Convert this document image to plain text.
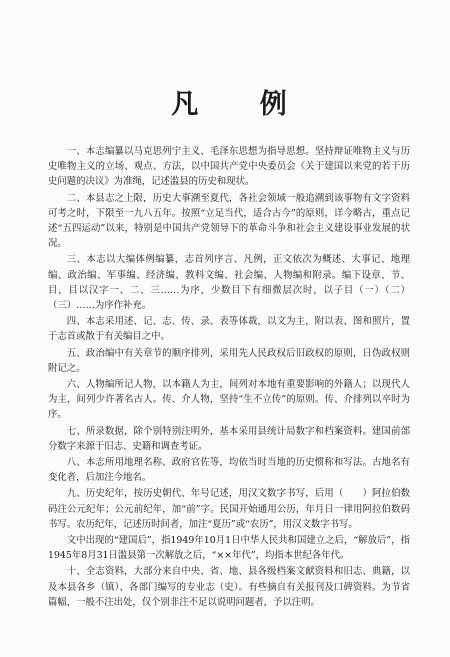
凡 例

一、本志编纂以马克思列宁主义、毛泽东思想为指导思想。坚持辩证唯物主义与历史唯物主义的立场、观点、方法，以中国共产党中央委员会《关于建国以来党的若干历史问题的决议》为准绳，记述滥县的历史和现状。

二、本县志之上限，历史大事溯至夏代，各社会领域一般追溯到该事物有文字资料可考之时，下限至一九八五年。按照“立足当代，适合古今”的原则，详今略古，重点记述“五四运动”以来，特别是中国共产党领导下的革命斗争和社会主义建设事业发展的状况。

三、本志以大编体例编纂，志首列序言、凡例，正文依次为概述、大事记、地理编、政治编、军事编、经济编、教科文编、社会编、人物编和附录。编下设章、节、目，目以汉字一、二、三……为序，少数目下有细微层次时，以子目（一）（二）（三）……为序作补充。

四、本志采用述、记、志、传、录、表等体裁，以文为主，附以表、图和照片，置于志首或散于有关编目之中。

五、政治编中有关章节的顺序排列，采用先人民政权后旧政权的原则，日伪政权则附记之。

六、人物编所记人物，以本籍人为主，间列对本地有重要影响的外籍人；以现代人为主，间列少许著名古人。传、介人物，坚持“生不立传”的原则。传、介排列以卒时为序。

七、所录数据，除个别特别注明外，基本采用县统计局数字和档案资料。建国前部分数字来源于旧志、史籍和调查考证。

八、本志所用地理名称、政府官佐等，均依当时当地的历史惯称和写法。古地名有变化者，后加注今地名。

九、历史纪年，按历史朝代、年号记述，用汉文数字书写，后用（　　）阿拉伯数码注公元纪年；公元前纪年，加“前”字。民国开始通用公历，年月日一律用阿拉伯数码书写。农历纪年，记述历时间者，加注“夏历”或“农历”，用汉文数字书写。

文中出现的“建国后”，指1949年10月1日中华人民共和国建立之后，“解放后”，指1945年8月31日滥县第一次解放之后，“××年代”，均指本世纪各年代。

十、全志资料，大部分来自中央、省、地、县各级档案文献资料和旧志、典籍，以及本县各乡（镇）、各部门编写的专业志（史）。有些摘自有关报刊及口碑资料。为节省篇幅，一般不注出处，仅个别非注不足以说明问题者，予以注明。
